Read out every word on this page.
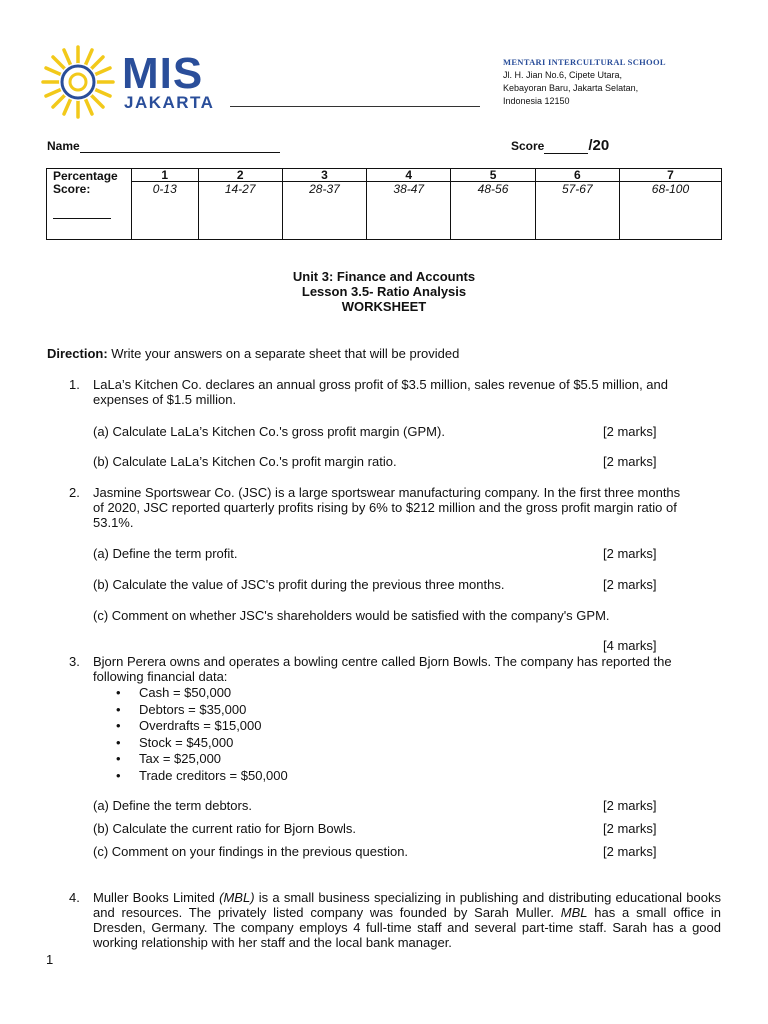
MIS
JAKARTA
MENTARI INTERCULTURAL SCHOOL
Jl. H. Jian No.6, Cipete Utara,
Kebayoran Baru, Jakarta Selatan,
Indonesia 12150
Name	Score	/20
Percentage
Score:	1	2	3	4	5	6	7
	0-13	14-27	28-37	38-47	48-56	57-67	68-100

Unit 3: Finance and Accounts
Lesson 3.5- Ratio Analysis
WORKSHEET
Direction: Write your answers on a separate sheet that will be provided
1. LaLa’s Kitchen Co. declares an annual gross profit of $3.5 million, sales revenue of $5.5 million, and expenses of $1.5 million.
(a) Calculate LaLa’s Kitchen Co.'s gross profit margin (GPM).	[2 marks]
(b) Calculate LaLa’s Kitchen Co.'s profit margin ratio.	[2 marks]
2. Jasmine Sportswear Co. (JSC) is a large sportswear manufacturing company. In the first three months of 2020, JSC reported quarterly profits rising by 6% to $212 million and the gross profit margin ratio of 53.1%.
(a) Define the term profit.	[2 marks]
(b) Calculate the value of JSC's profit during the previous three months.	[2 marks]
(c) Comment on whether JSC's shareholders would be satisfied with the company's GPM.
[4 marks]
3. Bjorn Perera owns and operates a bowling centre called Bjorn Bowls. The company has reported the following financial data:
Cash = $50,000
Debtors = $35,000
Overdrafts = $15,000
Stock = $45,000
Tax = $25,000
Trade creditors = $50,000
(a) Define the term debtors.	[2 marks]
(b) Calculate the current ratio for Bjorn Bowls.	[2 marks]
(c) Comment on your findings in the previous question.	[2 marks]
4. Muller Books Limited (MBL) is a small business specializing in publishing and distributing educational books and resources. The privately listed company was founded by Sarah Muller. MBL has a small office in Dresden, Germany. The company employs 4 full-time staff and several part-time staff. Sarah has a good working relationship with her staff and the local bank manager.
1
